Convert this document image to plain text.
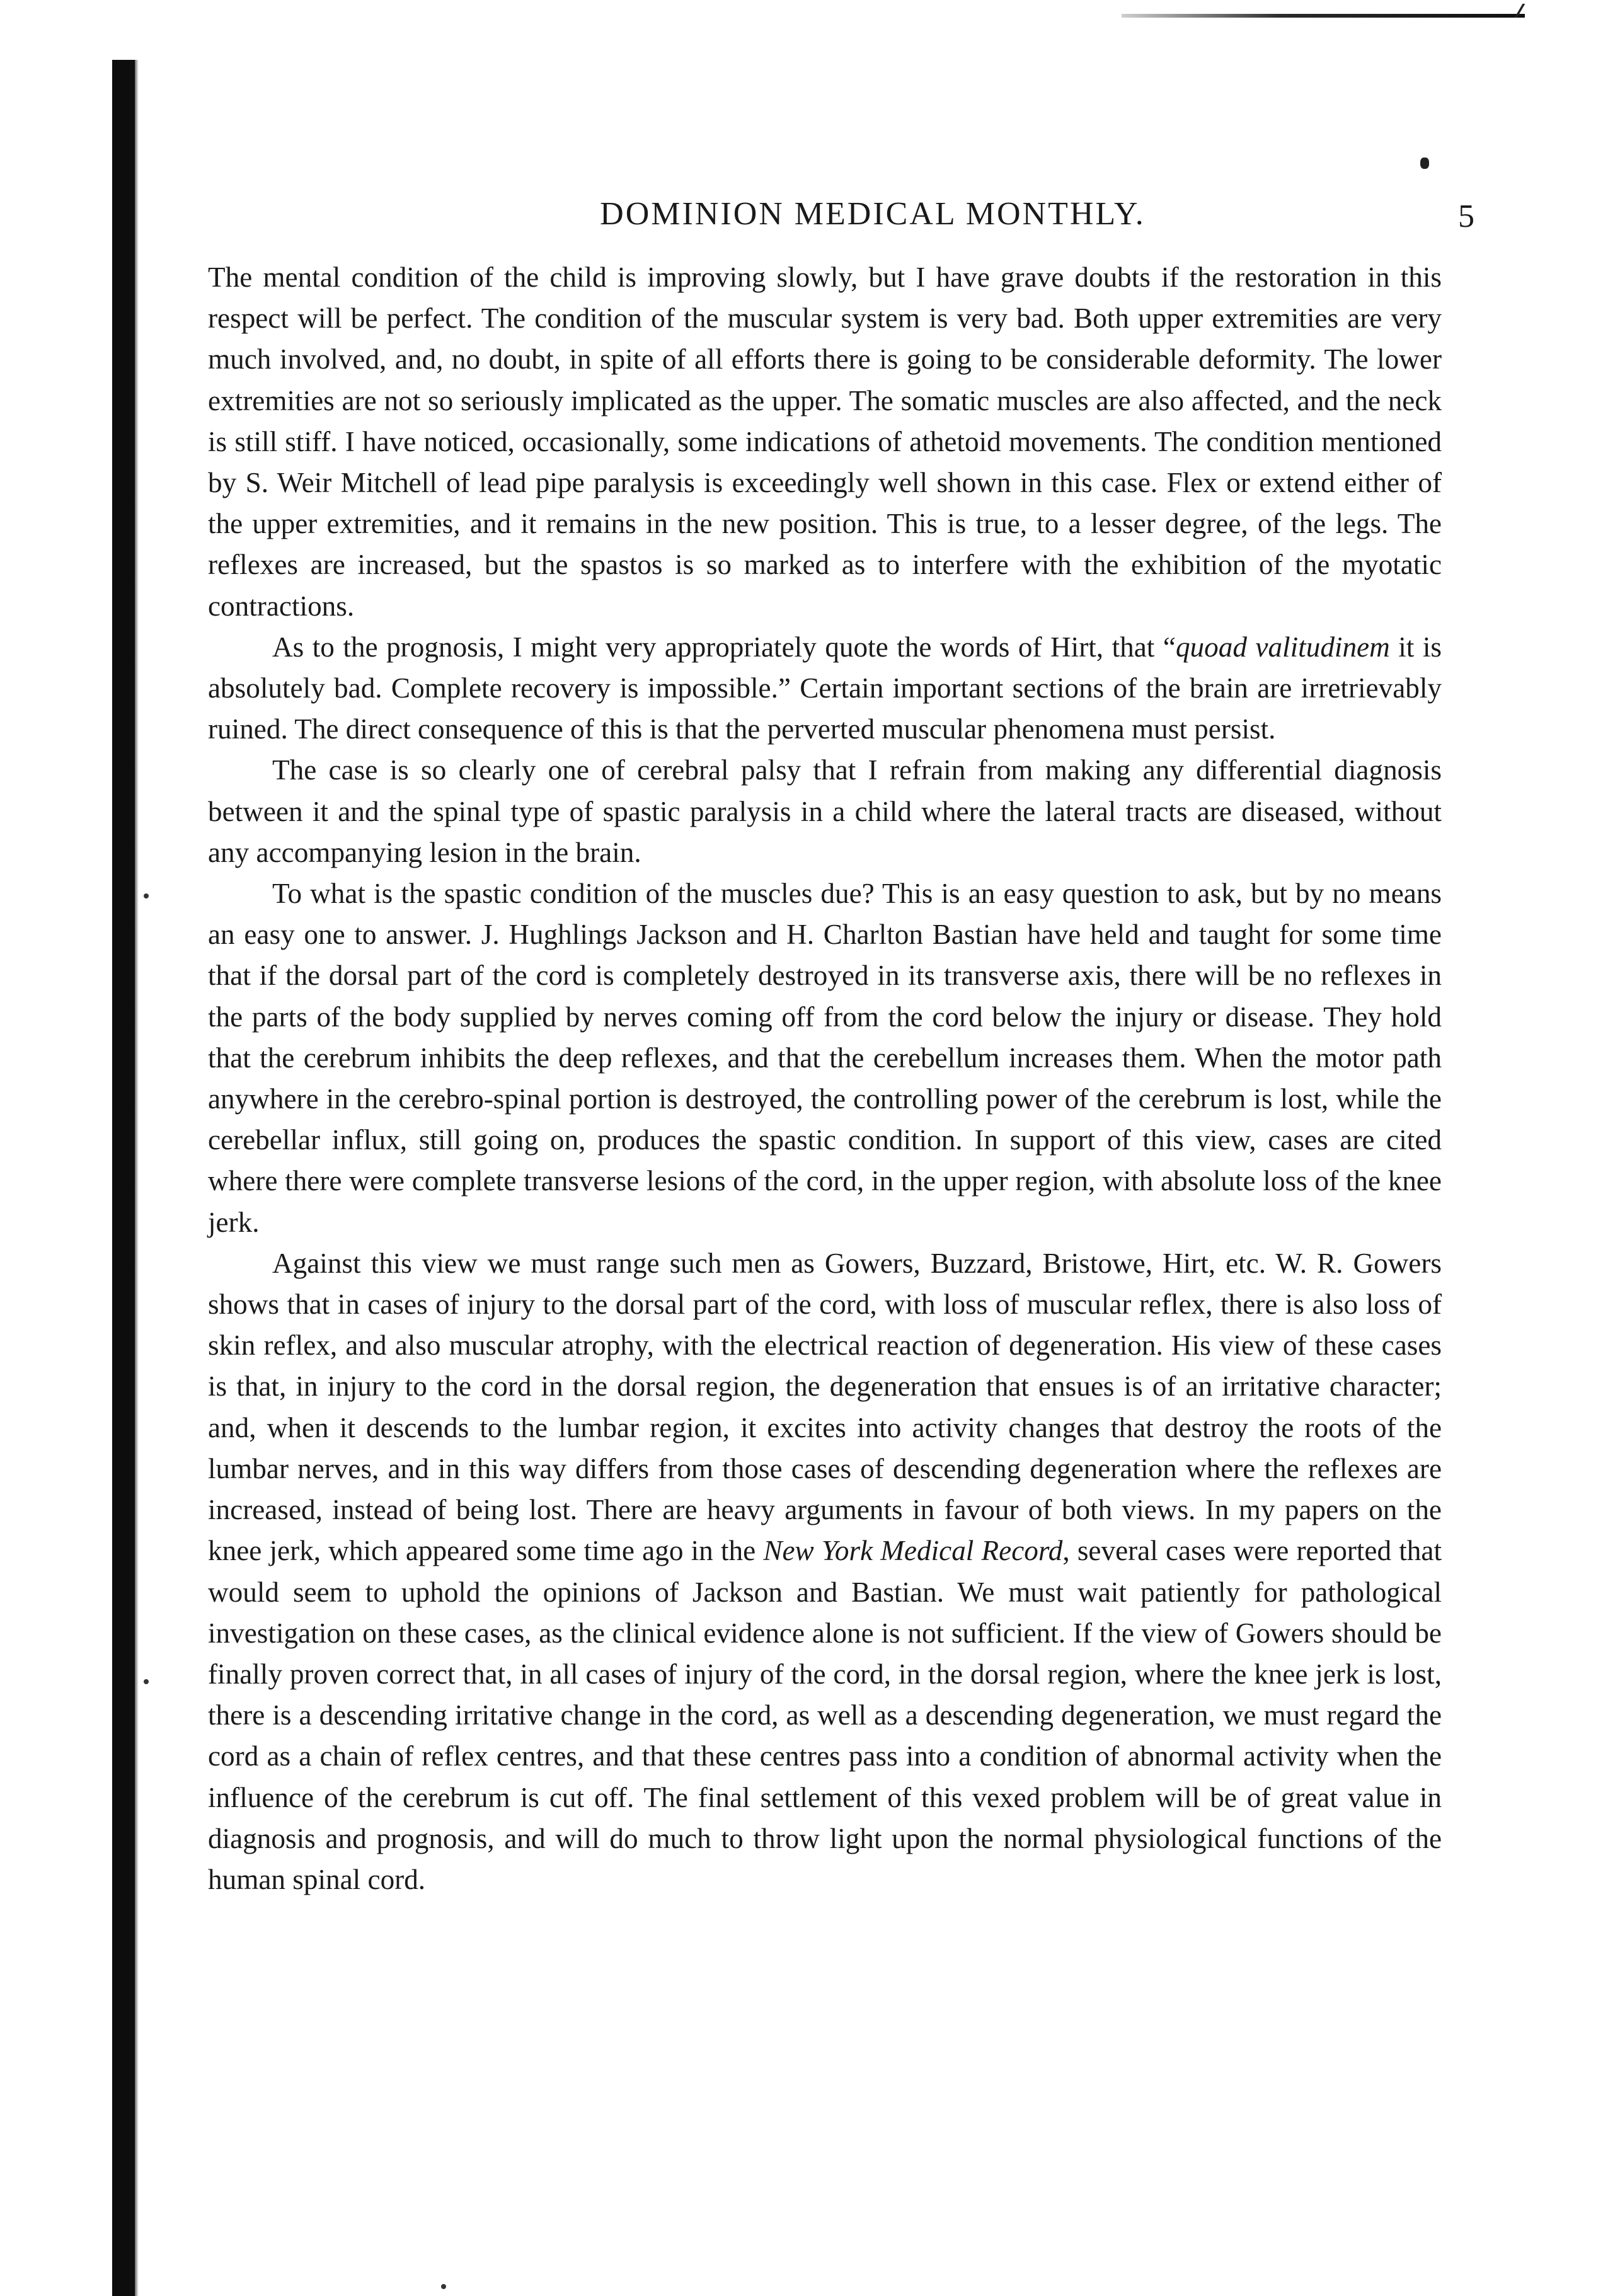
DOMINION MEDICAL MONTHLY.	5

The mental condition of the child is improving slowly, but I have grave doubts if the restoration in this respect will be perfect. The condition of the muscular system is very bad. Both upper extremities are very much involved, and, no doubt, in spite of all efforts there is going to be considerable deformity. The lower extremities are not so seriously implicated as the upper. The somatic muscles are also affected, and the neck is still stiff. I have noticed, occasionally, some indications of athetoid movements. The condition mentioned by S. Weir Mitchell of lead pipe paralysis is exceedingly well shown in this case. Flex or extend either of the upper extremities, and it remains in the new position. This is true, to a lesser degree, of the legs. The reflexes are increased, but the spastos is so marked as to interfere with the exhibition of the myotatic contractions.

As to the prognosis, I might very appropriately quote the words of Hirt, that “quoad valitudinem it is absolutely bad. Complete recovery is impossible.” Certain important sections of the brain are irretrievably ruined. The direct consequence of this is that the perverted muscular phenomena must persist.

The case is so clearly one of cerebral palsy that I refrain from making any differential diagnosis between it and the spinal type of spastic paralysis in a child where the lateral tracts are diseased, without any accompanying lesion in the brain.

To what is the spastic condition of the muscles due? This is an easy question to ask, but by no means an easy one to answer. J. Hughlings Jackson and H. Charlton Bastian have held and taught for some time that if the dorsal part of the cord is completely destroyed in its transverse axis, there will be no reflexes in the parts of the body supplied by nerves coming off from the cord below the injury or disease. They hold that the cerebrum inhibits the deep reflexes, and that the cerebellum increases them. When the motor path anywhere in the cerebro-spinal portion is destroyed, the controlling power of the cerebrum is lost, while the cerebellar influx, still going on, produces the spastic condition. In support of this view, cases are cited where there were complete transverse lesions of the cord, in the upper region, with absolute loss of the knee jerk.

Against this view we must range such men as Gowers, Buzzard, Bristowe, Hirt, etc. W. R. Gowers shows that in cases of injury to the dorsal part of the cord, with loss of muscular reflex, there is also loss of skin reflex, and also muscular atrophy, with the electrical reaction of degeneration. His view of these cases is that, in injury to the cord in the dorsal region, the degeneration that ensues is of an irritative character; and, when it descends to the lumbar region, it excites into activity changes that destroy the roots of the lumbar nerves, and in this way differs from those cases of descending degeneration where the reflexes are increased, instead of being lost. There are heavy arguments in favour of both views. In my papers on the knee jerk, which appeared some time ago in the New York Medical Record, several cases were reported that would seem to uphold the opinions of Jackson and Bastian. We must wait patiently for pathological investigation on these cases, as the clinical evidence alone is not sufficient. If the view of Gowers should be finally proven correct that, in all cases of injury of the cord, in the dorsal region, where the knee jerk is lost, there is a descending irritative change in the cord, as well as a descending degeneration, we must regard the cord as a chain of reflex centres, and that these centres pass into a condition of abnormal activity when the influence of the cerebrum is cut off. The final settlement of this vexed problem will be of great value in diagnosis and prognosis, and will do much to throw light upon the normal physiological functions of the human spinal cord.
